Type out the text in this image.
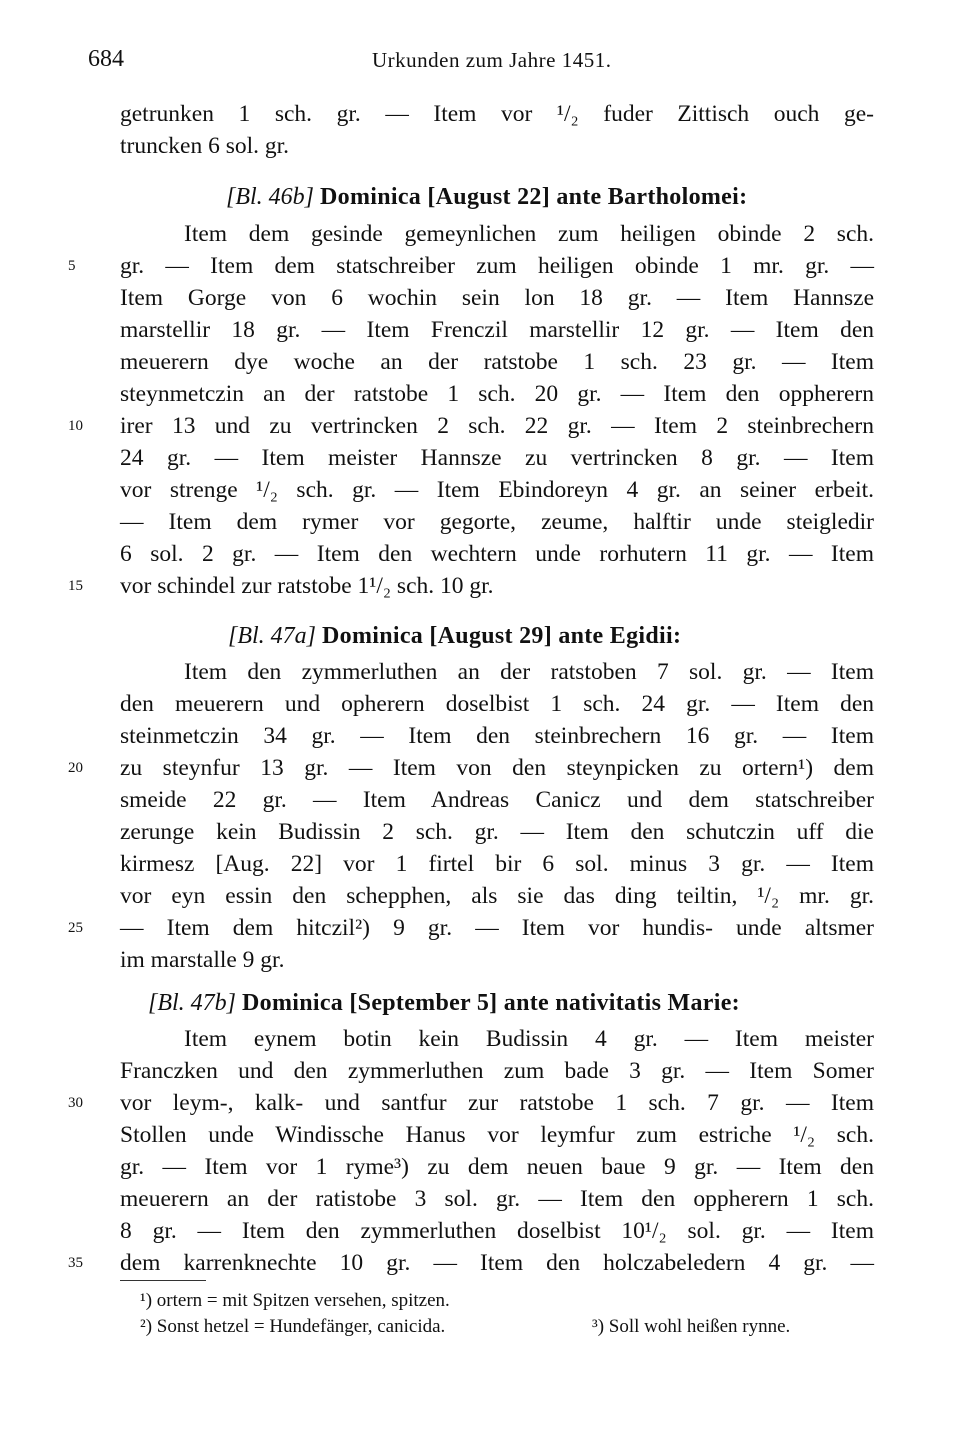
684	Urkunden zum Jahre 1451.
getrunken 1 sch. gr. — Item vor ¹/₂ fuder Zittisch ouch ge-
truncken 6 sol. gr.
[Bl. 46b] Dominica [August 22] ante Bartholomei:
Item dem gesinde gemeynlichen zum heiligen obinde 2 sch.
gr. — Item dem statschreiber zum heiligen obinde 1 mr. gr. —
Item Gorge von 6 wochin sein lon 18 gr. — Item Hannsze
marstellir 18 gr. — Item Frenczil marstellir 12 gr. — Item den
meuerern dye woche an der ratstobe 1 sch. 23 gr. — Item
steynmetczin an der ratstobe 1 sch. 20 gr. — Item den oppherern
irer 13 und zu vertrincken 2 sch. 22 gr. — Item 2 steinbrechern
24 gr. — Item meister Hannsze zu vertrincken 8 gr. — Item
vor strenge ¹/₂ sch. gr. — Item Ebindoreyn 4 gr. an seiner erbeit.
— Item dem rymer vor gegorte, zeume, halftir unde steigledir
6 sol. 2 gr. — Item den wechtern unde rorhutern 11 gr. — Item
vor schindel zur ratstobe 1¹/₂ sch. 10 gr.
[Bl. 47a] Dominica [August 29] ante Egidii:
Item den zymmerluthen an der ratstoben 7 sol. gr. — Item
den meuerern und opherern doselbist 1 sch. 24 gr. — Item den
steinmetczin 34 gr. — Item den steinbrechern 16 gr. — Item
zu steynfur 13 gr. — Item von den steynpicken zu ortern¹) dem
smeide 22 gr. — Item Andreas Canicz und dem statschreiber
zerunge kein Budissin 2 sch. gr. — Item den schutczin uff die
kirmesz [Aug. 22] vor 1 firtel bir 6 sol. minus 3 gr. — Item
vor eyn essin den schepphen, als sie das ding teiltin, ¹/₂ mr. gr.
— Item dem hitczil²) 9 gr. — Item vor hundis- unde altsmer
im marstalle 9 gr.
[Bl. 47b] Dominica [September 5] ante nativitatis Marie:
Item eynem botin kein Budissin 4 gr. — Item meister
Franczken und den zymmerluthen zum bade 3 gr. — Item Somer
vor leym-, kalk- und santfur zur ratstobe 1 sch. 7 gr. — Item
Stollen unde Windissche Hanus vor leymfur zum estriche ¹/₂ sch.
gr. — Item vor 1 ryme³) zu dem neuen baue 9 gr. — Item den
meuerern an der ratistobe 3 sol. gr. — Item den oppherern 1 sch.
8 gr. — Item den zymmerluthen doselbist 10¹/₂ sol. gr. — Item
dem karrenknechte 10 gr. — Item den holczabeledern 4 gr. —
5
10
15
20
25
30
35
¹) ortern = mit Spitzen versehen, spitzen.
²) Sonst hetzel = Hundefänger, canicida.	³) Soll wohl heißen rynne.
